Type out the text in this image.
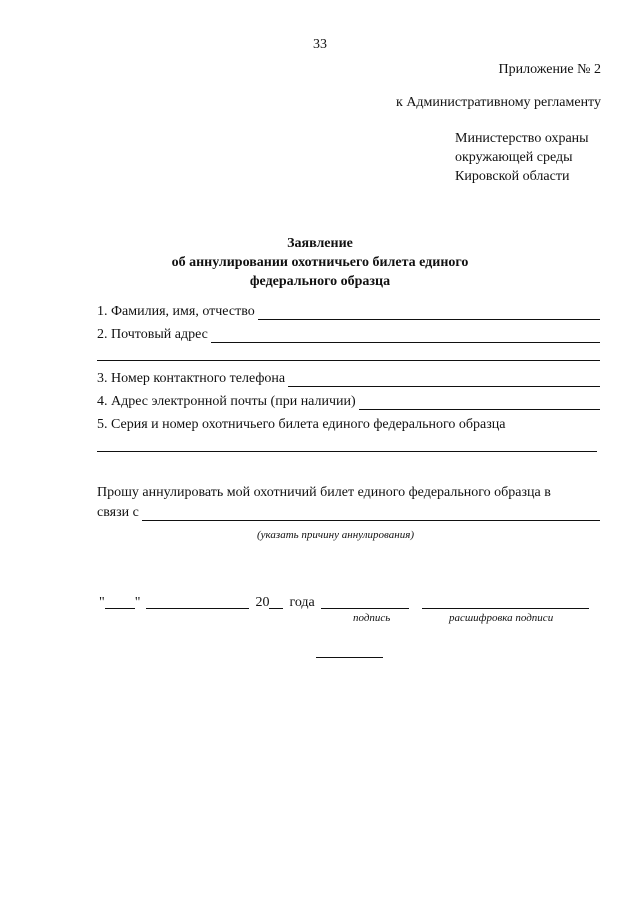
33
Приложение № 2
к Административному регламенту
Министерство охраны
окружающей среды
Кировской области
Заявление
об аннулировании охотничьего билета единого
федерального образца
1. Фамилия, имя, отчество
2. Почтовый адрес
3. Номер контактного телефона
4. Адрес электронной почты (при наличии)
5. Серия и номер охотничьего билета единого федерального образца
Прошу аннулировать мой охотничий билет единого федерального образца в
связи с
(указать причину аннулирования)
" "	20 года
подпись	расшифровка подписи
